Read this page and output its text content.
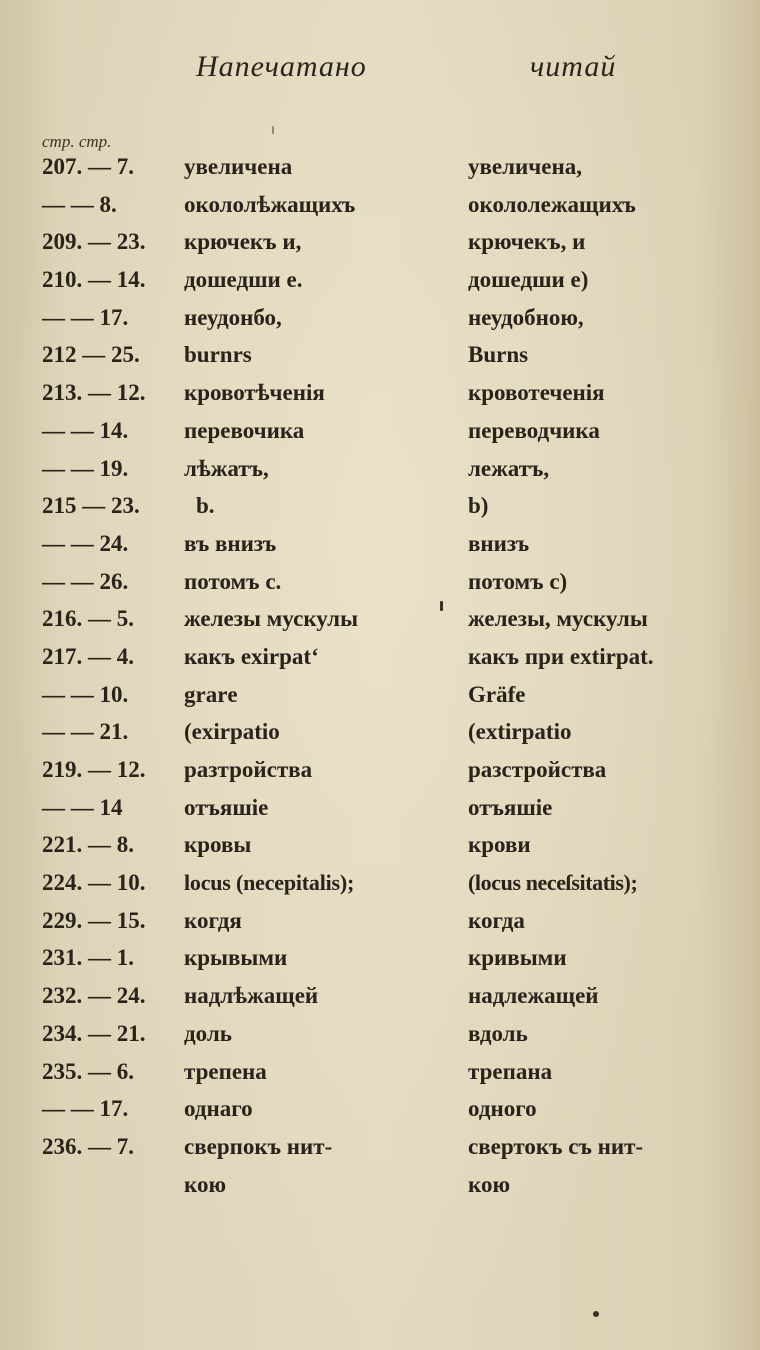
Напечатано	читай
стр. стр.
207. — 7. увеличена	увеличена,
— — 8.	окололѣжащихъ	окололежащихъ
209. — 23. крючекъ и,	крючекъ, и
210. — 14. дошедши е.	дошедши е)
— — 17. неудонбо,	неудобною,
212 — 25. burnrs	Burns
213. — 12. кровотѣченія	кровотеченія
— — 14. перевочика	переводчика
— — 19. лѣжатъ,	лежатъ,
215 — 23. b.	b)
— — 24. въ внизъ	внизъ
— — 26. потомъ с.	потомъ с)
216. — 5. железы мускулы	железы, мускулы
217. — 4. какъ exirpat‘	какъ при extirpat.
— — 10. grаrе	Gräfe
— — 21. (exirpatio	(extirpatio
219. — 12. разтройства	разстройства
— — 14	отъяшіе	отъяшіе
221. — 8. кровы	крови
224. — 10. locus (necepitalis);	(locus neceſsitatis);
229. — 15. когдя	когда
231. — 1. крывыми	кривыми
232. — 24. надлѣжащей	надлежащей
234. — 21. доль	вдоль
235. — 6. трепена	трепана
— — 17. однаго	одного
236. — 7. сверпокъ нит-	свертокъ съ нит-
кою	кою
